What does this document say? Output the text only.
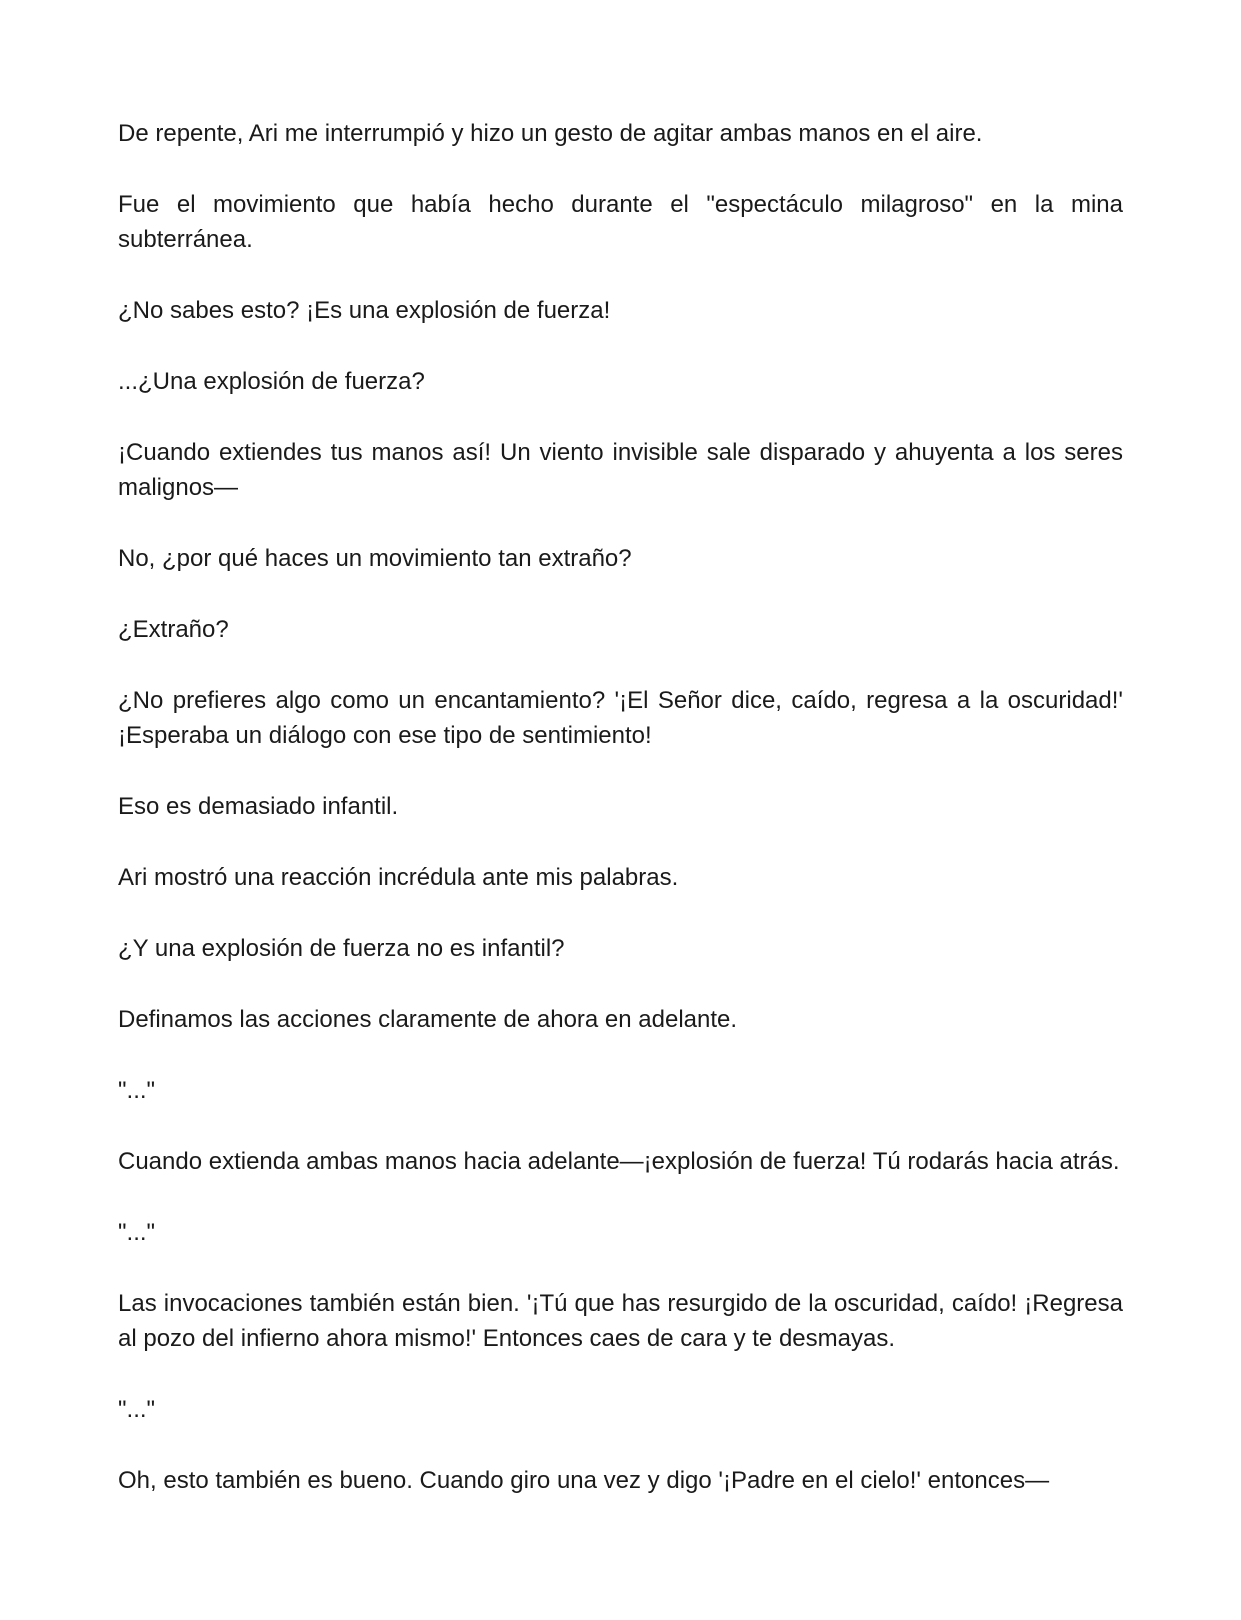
De repente, Ari me interrumpió y hizo un gesto de agitar ambas manos en el aire.

Fue el movimiento que había hecho durante el "espectáculo milagroso" en la mina subterránea.

¿No sabes esto? ¡Es una explosión de fuerza!

...¿Una explosión de fuerza?

¡Cuando extiendes tus manos así! Un viento invisible sale disparado y ahuyenta a los seres malignos—

No, ¿por qué haces un movimiento tan extraño?

¿Extraño?

¿No prefieres algo como un encantamiento? '¡El Señor dice, caído, regresa a la oscuridad!' ¡Esperaba un diálogo con ese tipo de sentimiento!

Eso es demasiado infantil.

Ari mostró una reacción incrédula ante mis palabras.

¿Y una explosión de fuerza no es infantil?

Definamos las acciones claramente de ahora en adelante.

"..."

Cuando extienda ambas manos hacia adelante—¡explosión de fuerza! Tú rodarás hacia atrás.

"..."

Las invocaciones también están bien. '¡Tú que has resurgido de la oscuridad, caído! ¡Regresa al pozo del infierno ahora mismo!' Entonces caes de cara y te desmayas.

"..."

Oh, esto también es bueno. Cuando giro una vez y digo '¡Padre en el cielo!' entonces—
